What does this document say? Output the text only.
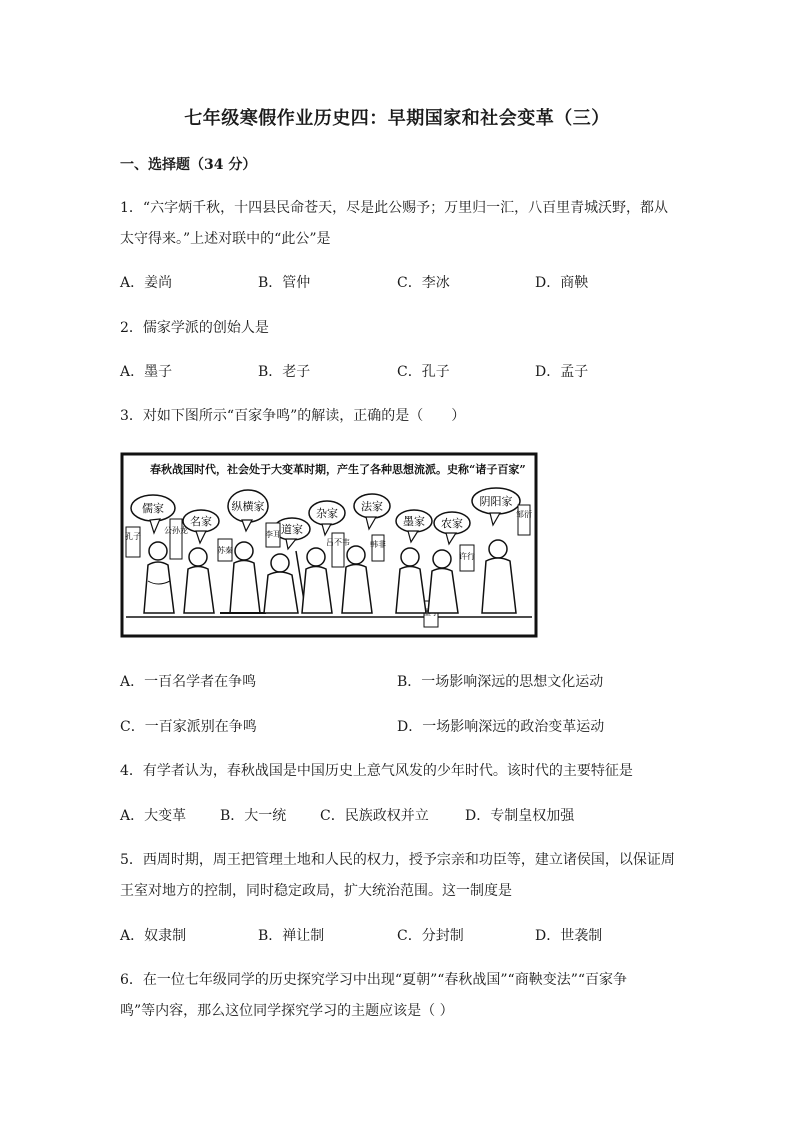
七年级寒假作业历史四：早期国家和社会变革（三）
一、选择题（34 分）
1．“六字炳千秋，十四县民命苍天，尽是此公赐予；万里归一汇，八百里青城沃野，都从
太守得来。”上述对联中的“此公”是
A．姜尚	B．管仲	C．李冰	D．商鞅
2．儒家学派的创始人是
A．墨子	B．老子	C．孔子	D．孟子
3．对如下图所示“百家争鸣”的解读，正确的是（　　）
春秋战国时代，社会处于大变革时期，产生了各种思想流派。史称“诸子百家”
儒家
孔子
名家
公孙龙
纵横家
苏秦
道家
李耳
杂家
吕不韦
法家
韩非
墨家 农家
许行
阴阳家
邹衍
A．一百名学者在争鸣	B．一场影响深远的思想文化运动
C．一百家派别在争鸣	D．一场影响深远的政治变革运动
4．有学者认为，春秋战国是中国历史上意气风发的少年时代。该时代的主要特征是
A．大变革 B．大一统 C．民族政权并立	D．专制皇权加强
5．西周时期，周王把管理土地和人民的权力，授予宗亲和功臣等，建立诸侯国，以保证周
王室对地方的控制，同时稳定政局，扩大统治范围。这一制度是
A．奴隶制	B．禅让制	C．分封制	D．世袭制
6．在一位七年级同学的历史探究学习中出现“夏朝”“春秋战国”“商鞅变法”“百家争
鸣”等内容，那么这位同学探究学习的主题应该是（ ）
